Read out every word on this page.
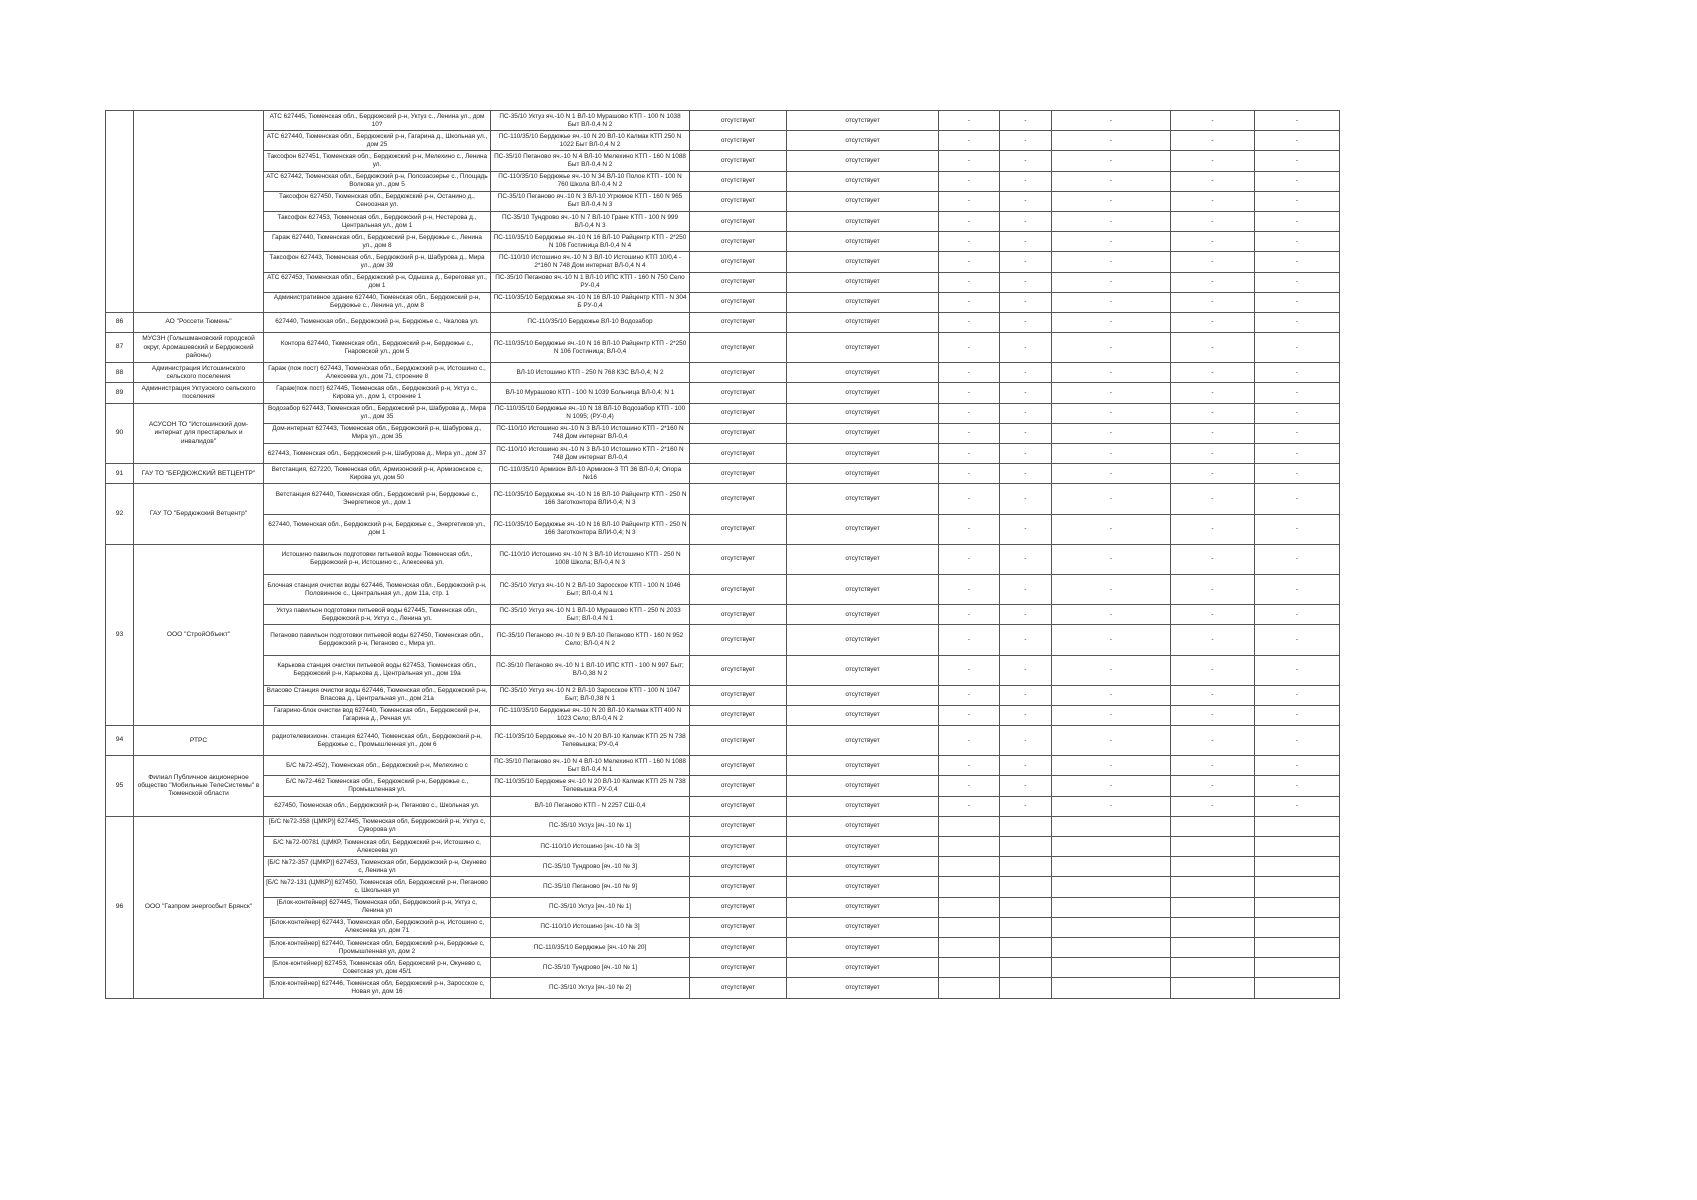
		АТС 627445, Тюменская обл., Бердюжский р-н, Уктуз с., Ленина ул., дом 10?	ПС-35/10 Уктуз яч.-10 N 1 ВЛ-10 Мурашово КТП - 100 N 1038 Быт ВЛ-0,4 N 2	отсутствует	отсутствует	-	-	-	-	-
		АТС 627440, Тюменская обл., Бердюжский р-н, Гагарина д., Школьная ул., дом 25	ПС-110/35/10 Бердюжье яч.-10 N 20 ВЛ-10 Калмак КТП 250 N 1022 Быт ВЛ-0,4 N 2	отсутствует	отсутствует	-	-	-	-	-
		Таксофон 627451, Тюменская обл., Бердюжский р-н, Мелехино с., Ленина ул.	ПС-35/10 Пеганово яч.-10 N 4 ВЛ-10 Мелехино КТП - 160 N 1088 Быт ВЛ-0,4 N 2	отсутствует	отсутствует	-	-	-	-	-
		АТС 627442, Тюменская обл., Бердюжский р-н, Полозаозерье с., Площадь Волкова ул., дом 5	ПС-110/35/10 Бердюжье яч.-10 N 34 ВЛ-10 Полое КТП - 100 N 760 Школа ВЛ-0,4 N 2	отсутствует	отсутствует	-	-	-	-	-
		Таксофон 627450, Тюменская обл., Бердюжский р-н, Останино д., Сеноозная ул.	ПС-35/10 Пеганово яч.-10 N 3 ВЛ-10 Угрюмое КТП - 160 N 965 Быт ВЛ-0,4 N 3	отсутствует	отсутствует	-	-	-	-	-
		Таксофон 627453, Тюменская обл., Бердюжский р-н, Нестерова д., Центральная ул., дом 1	ПС-35/10 Тундрово яч.-10 N 7 ВЛ-10 Гране КТП - 100 N 999 ВЛ-0,4 N 3	отсутствует	отсутствует	-	-	-	-	-
		Гараж 627440, Тюменская обл., Бердюжский р-н, Бердюжье с., Ленина ул., дом 8	ПС-110/35/10 Бердюжье яч.-10 N 16 ВЛ-10 Райцентр КТП - 2*250 N 106 Гостиница ВЛ-0,4 N 4	отсутствует	отсутствует	-	-	-	-	-
		Таксофон 627443, Тюменская обл., Бердюжский р-н, Шабурова д., Мира ул., дом 39	ПС-110/10 Истошино яч.-10 N 3 ВЛ-10 Истошино КТП 10/0,4 - 2*160 N 748 Дом интернат ВЛ-0,4 N 4	отсутствует	отсутствует	-	-	-	-	-
		АТС 627453, Тюменская обл., Бердюжский р-н, Одышка д., Береговая ул., дом 1	ПС-35/10 Пеганово яч.-10 N 1 ВЛ-10 ИПС КТП - 160 N 750 Село РУ-0,4	отсутствует	отсутствует	-	-	-	-	-
		Административное здание 627440, Тюменская обл., Бердюжский р-н, Бердюжье с., Ленина ул., дом 8	ПС-110/35/10 Бердюжье яч.-10 N 16 ВЛ-10 Райцентр КТП - N 304 Б РУ-0,4	отсутствует	отсутствует	-	-	-	-	-
86	АО "Россети Тюмень"	627440, Тюменская обл., Бердюжский р-н, Бердюжье с., Чкалова ул.	ПС-110/35/10 Бердюжье ВЛ-10 Водозабор	отсутствует	отсутствует	-	-	-	-	-
87	МУСЗН (Голышмановский городской округ, Аромашевский и Бердюжский районы)	Контора 627440, Тюменская обл., Бердюжский р-н, Бердюжье с., Гнаровской ул., дом 5	ПС-110/35/10 Бердюжье яч.-10 N 16 ВЛ-10 Райцентр КТП - 2*250 N 106 Гостиница; ВЛ-0,4	отсутствует	отсутствует	-	-	-	-	-
88	Администрация Истошинского сельского поселения	Гараж (пож пост) 627443, Тюменская обл., Бердюжский р-н, Истошино с., Алексеева ул., дом 71, строение 8	ВЛ-10 Истошино КТП - 250 N 768 КЗС ВЛ-0,4; N 2	отсутствует	отсутствует	-	-	-	-	-
89	Администрация Уктузского сельского поселения	Гараж(пож пост) 627445, Тюменская обл., Бердюжский р-н, Уктуз с., Кирова ул., дом 1, строение 1	ВЛ-10 Мурашово КТП - 100 N 1039 Больница ВЛ-0,4; N 1	отсутствует	отсутствует	-	-	-	-	-
90	АСУСОН ТО "Истошинский дом-интернат для престарелых и инвалидов"	Водозабор 627443, Тюменская обл., Бердюжский р-н, Шабурова д., Мира ул., дом 35	ПС-110/35/10 Бердюжье яч.-10 N 18 ВЛ-10 Водозабор КТП - 100 N 1095; (РУ-0,4)	отсутствует	отсутствует	-	-	-	-	-
		Дом-интернат 627443, Тюменская обл., Бердюжский р-н, Шабурова д., Мира ул., дом 35	ПС-110/10 Истошино яч.-10 N 3 ВЛ-10 Истошино КТП - 2*160 N 748 Дом интернат ВЛ-0,4	отсутствует	отсутствует	-	-	-	-	-
		627443, Тюменская обл., Бердюжский р-н, Шабурова д., Мира ул., дом 37	ПС-110/10 Истошино яч.-10 N 3 ВЛ-10 Истошино КТП - 2*160 N 748 Дом интернат ВЛ-0,4	отсутствует	отсутствует	-	-	-	-	-
91	ГАУ ТО "БЕРДЮЖСКИЙ ВЕТЦЕНТР"	Ветстанция, 627220, Тюменская обл, Армизонский р-н, Армизонское с, Кирова ул, дом 50	ПС-110/35/10 Армизон ВЛ-10 Армизон-3 ТП 36 ВЛ-0,4; Опора №16	отсутствует	отсутствует	-	-	-	-	-
92	ГАУ ТО "Бердюжский Ветцентр"	Ветстанция 627440, Тюменская обл., Бердюжский р-н, Бердюжье с., Энергетиков ул., дом 1	ПС-110/35/10 Бердюжье яч.-10 N 16 ВЛ-10 Райцентр КТП - 250 N 166 Заготконтора ВЛИ-0,4; N 3	отсутствует	отсутствует	-	-	-	-	-
		627440, Тюменская обл., Бердюжский р-н, Бердюжье с., Энергетиков ул., дом 1	ПС-110/35/10 Бердюжье яч.-10 N 16 ВЛ-10 Райцентр КТП - 250 N 166 Заготконтора ВЛИ-0,4; N 3	отсутствует	отсутствует	-	-	-	-	-
93	ООО "СтройОбъект"	Истошино павильон подготовки питьевой воды Тюменская обл., Бердюжский р-н, Истошино с., Алексеева ул.	ПС-110/10 Истошино яч.-10 N 3 ВЛ-10 Истошино КТП - 250 N 1008 Школа; ВЛ-0,4 N 3	отсутствует	отсутствует	-	-	-	-	-
		Блочная станция очистки воды 627446, Тюменская обл., Бердюжский р-н, Половинное с., Центральная ул., дом 11а, стр. 1	ПС-35/10 Уктуз яч.-10 N 2 ВЛ-10 Заросское КТП - 100 N 1046 Быт; ВЛ-0,4 N 1	отсутствует	отсутствует	-	-	-	-	-
		Уктуз павильон подготовки питьевой воды 627445, Тюменская обл., Бердюжский р-н, Уктуз с., Ленина ул.	ПС-35/10 Уктуз яч.-10 N 1 ВЛ-10 Мурашово КТП - 250 N 2033 Быт; ВЛ-0,4 N 1	отсутствует	отсутствует	-	-	-	-	-
		Пеганово павильон подготовки питьевой воды 627450, Тюменская обл., Бердюжский р-н, Пеганово с., Мира ул.	ПС-35/10 Пеганово яч.-10 N 9 ВЛ-10 Пеганово КТП - 160 N 952 Село; ВЛ-0,4 N 2	отсутствует	отсутствует	-	-	-	-	-
		Карькова станция очистки питьевой воды 627453, Тюменская обл., Бердюжский р-н, Карькова д., Центральная ул., дом 19а	ПС-35/10 Пеганово яч.-10 N 1 ВЛ-10 ИПС КТП - 100 N 997 Быт; ВЛ-0,38 N 2	отсутствует	отсутствует	-	-	-	-	-
		Власово Станция очистки воды 627446, Тюменская обл., Бердюжский р-н, Власова д., Центральная ул., дом 21а	ПС-35/10 Уктуз яч.-10 N 2 ВЛ-10 Заросское КТП - 100 N 1047 Быт; ВЛ-0,38 N 1	отсутствует	отсутствует	-	-	-	-	-
		Гагарино-блок очистки вод 627440, Тюменская обл., Бердюжский р-н, Гагарина д., Речная ул.	ПС-110/35/10 Бердюжье яч.-10 N 20 ВЛ-10 Калмак КТП 400 N 1023 Село; ВЛ-0,4 N 2	отсутствует	отсутствует	-	-	-	-	-
94	РТРС	радиотелевизионн. станция 627440, Тюменская обл., Бердюжский р-н, Бердюжье с., Промышленная ул., дом 6	ПС-110/35/10 Бердюжье яч.-10 N 20 ВЛ-10 Калмак КТП 25 N 738 Телевышка; РУ-0,4	отсутствует	отсутствует	-	-	-	-	-
95	Филиал Публичное акционерное общество "Мобильные ТелеСистемы" в Тюменской области	Б/С №72-452), Тюменская обл., Бердюжский р-н, Мелехино с	ПС-35/10 Пеганово яч.-10 N 4 ВЛ-10 Мелехино КТП - 160 N 1088 Быт ВЛ-0,4 N 1	отсутствует	отсутствует	-	-	-	-	-
		Б/С №72-462 Тюменская обл., Бердюжский р-н, Бердюжье с., Промышленная ул.	ПС-110/35/10 Бердюжье яч.-10 N 20 ВЛ-10 Калмак КТП 25 N 738 Телевышка РУ-0,4	отсутствует	отсутствует	-	-	-	-	-
		627450, Тюменская обл., Бердюжский р-н, Пеганово с., Школьная ул.	ВЛ-10 Пеганово КТП - N 2257 СШ-0,4	отсутствует	отсутствует	-	-	-	-	-
96	ООО "Газпром энергосбыт Брянск"	[Б/С №72-358 (ЦМКР)] 627445, Тюменская обл, Бердюжский р-н, Уктуз с, Суворова ул	ПС-35/10 Уктуз [яч.-10 № 1]	отсутствует	отсутствует					
		Б/С №72-00781 (ЦМКР, Тюменская обл, Бердюжский р-н, Истошино с, Алексеева ул	ПС-110/10 Истошино [яч.-10 № 3]	отсутствует	отсутствует					
		[Б/С №72-357 (ЦМКР)] 627453, Тюменская обл, Бердюжский р-н, Окунево с, Ленина ул	ПС-35/10 Тундрово [яч.-10 № 3]	отсутствует	отсутствует					
		[Б/С №72-131 (ЦМКР)] 627450, Тюменская обл, Бердюжский р-н, Пеганово с, Школьная ул	ПС-35/10 Пеганово [яч.-10 № 9]	отсутствует	отсутствует					
		[Блок-контейнер] 627445, Тюменская обл, Бердюжский р-н, Уктуз с, Ленина ул	ПС-35/10 Уктуз [яч.-10 № 1]	отсутствует	отсутствует					
		[Блок-контейнер] 627443, Тюменская обл, Бердюжский р-н, Истошино с, Алексеева ул, дом 71	ПС-110/10 Истошино [яч.-10 № 3]	отсутствует	отсутствует					
		[Блок-контейнер] 627440, Тюменская обл, Бердюжский р-н, Бердюжье с, Промышленная ул, дом 2	ПС-110/35/10 Бердюжье [яч.-10 № 20]	отсутствует	отсутствует					
		[Блок-контейнер] 627453, Тюменская обл, Бердюжский р-н, Окунево с, Советская ул, дом 45/1	ПС-35/10 Тундрово [яч.-10 № 1]	отсутствует	отсутствует					
		[Блок-контейнер] 627446, Тюменская обл, Бердюжский р-н, Заросское с, Новая ул, дом 16	ПС-35/10 Уктуз [яч.-10 № 2]	отсутствует	отсутствует					
